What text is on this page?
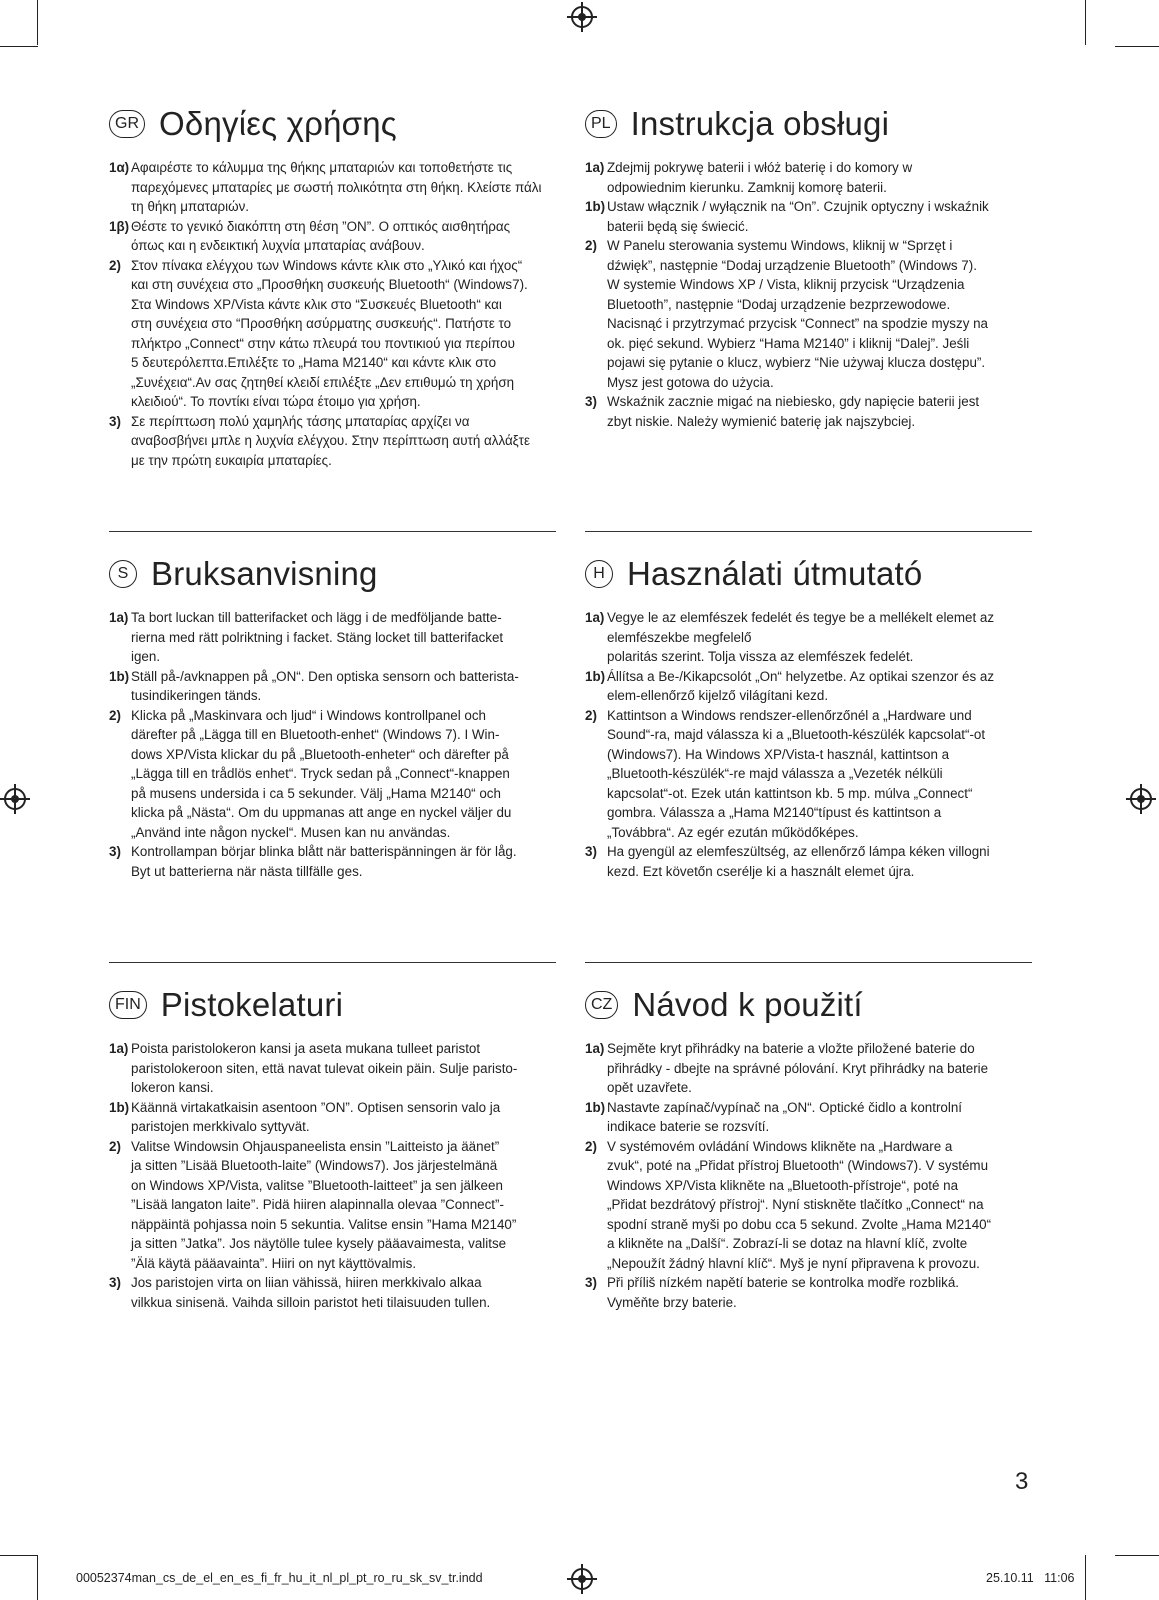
GR Οδηγίες χρήσης
1α) Αφαιρέστε το κάλυμμα της θήκης μπαταριών και τοποθετήστε τις
παρεχόμενες μπαταρίες με σωστή πολικότητα στη θήκη. Κλείστε πάλι
τη θήκη μπαταριών.
1β) Θέστε το γενικό διακόπτη στη θέση ”ON”. Ο οπτικός αισθητήρας
όπως και η ενδεικτική λυχνία μπαταρίας ανάβουν.
2) Στον πίνακα ελέγχου των Windows κάντε κλικ στο „Υλικό και ήχος“
και στη συνέχεια στο „Προσθήκη συσκευής Bluetooth“ (Windows7).
Στα Windows XP/Vista κάντε κλικ στο “Συσκευές Bluetooth“ και
στη συνέχεια στο “Προσθήκη ασύρματης συσκευής“. Πατήστε το
πλήκτρο „Connect“ στην κάτω πλευρά του ποντικιού για περίπου
5 δευτερόλεπτα.Επιλέξτε το „Hama M2140“ και κάντε κλικ στο
„Συνέχεια“.Αν σας ζητηθεί κλειδί επιλέξτε „Δεν επιθυμώ τη χρήση
κλειδιού“. Το ποντίκι είναι τώρα έτοιμο για χρήση.
3) Σε περίπτωση πολύ χαμηλής τάσης μπαταρίας αρχίζει να
αναβοσβήνει μπλε η λυχνία ελέγχου. Στην περίπτωση αυτή αλλάξτε
με την πρώτη ευκαιρία μπαταρίες.
PL Instrukcja obsługi
1a) Zdejmij pokrywę baterii i włóż baterię i do komory w
odpowiednim kierunku. Zamknij komorę baterii.
1b) Ustaw włącznik / wyłącznik na “On”. Czujnik optyczny i wskaźnik
baterii będą się świecić.
2) W Panelu sterowania systemu Windows, kliknij w “Sprzęt i
dźwięk”, następnie “Dodaj urządzenie Bluetooth” (Windows 7).
W systemie Windows XP / Vista, kliknij przycisk “Urządzenia
Bluetooth”, następnie “Dodaj urządzenie bezprzewodowe.
Nacisnąć i przytrzymać przycisk “Connect” na spodzie myszy na
ok. pięć sekund. Wybierz “Hama M2140” i kliknij “Dalej”. Jeśli
pojawi się pytanie o klucz, wybierz “Nie używaj klucza dostępu”.
Mysz jest gotowa do użycia.
3) Wskaźnik zacznie migać na niebiesko, gdy napięcie baterii jest
zbyt niskie. Należy wymienić baterię jak najszybciej.
S Bruksanvisning
1a) Ta bort luckan till batterifacket och lägg i de medföljande batte-
rierna med rätt polriktning i facket. Stäng locket till batterifacket
igen.
1b) Ställ på-/avknappen på „ON“. Den optiska sensorn och batterista-
tusindikeringen tänds.
2) Klicka på „Maskinvara och ljud“ i Windows kontrollpanel och
därefter på „Lägga till en Bluetooth-enhet“ (Windows 7). I Win-
dows XP/Vista klickar du på „Bluetooth-enheter“ och därefter på
„Lägga till en trådlös enhet“. Tryck sedan på „Connect“-knappen
på musens undersida i ca 5 sekunder. Välj „Hama M2140“ och
klicka på „Nästa“. Om du uppmanas att ange en nyckel väljer du
„Använd inte någon nyckel“. Musen kan nu användas.
3) Kontrollampan börjar blinka blått när batterispänningen är för låg.
Byt ut batterierna när nästa tillfälle ges.
H Használati útmutató
1a) Vegye le az elemfészek fedelét és tegye be a mellékelt elemet az
elemfészekbe megfelelő
polaritás szerint. Tolja vissza az elemfészek fedelét.
1b) Állítsa a Be-/Kikapcsolót „On“ helyzetbe. Az optikai szenzor és az
elem-ellenőrző kijelző világítani kezd.
2) Kattintson a Windows rendszer-ellenőrzőnél a „Hardware und
Sound“-ra, majd válassza ki a „Bluetooth-készülék kapcsolat“-ot
(Windows7). Ha Windows XP/Vista-t használ, kattintson a
„Bluetooth-készülék“-re majd válassza a „Vezeték nélküli
kapcsolat“-ot. Ezek után kattintson kb. 5 mp. múlva „Connect“
gombra. Válassza a „Hama M2140“típust és kattintson a
„Továbbra“. Az egér ezután működőképes.
3) Ha gyengül az elemfeszültség, az ellenőrző lámpa kéken villogni
kezd. Ezt követőn cserélje ki a használt elemet újra.
FIN Pistokelaturi
1a) Poista paristolokeron kansi ja aseta mukana tulleet paristot
paristolokeroon siten, että navat tulevat oikein päin. Sulje paristo-
lokeron kansi.
1b) Käännä virtakatkaisin asentoon ”ON”. Optisen sensorin valo ja
paristojen merkkivalo syttyvät.
2) Valitse Windowsin Ohjauspaneelista ensin ”Laitteisto ja äänet”
ja sitten ”Lisää Bluetooth-laite” (Windows7). Jos järjestelmänä
on Windows XP/Vista, valitse ”Bluetooth-laitteet” ja sen jälkeen
”Lisää langaton laite”. Pidä hiiren alapinnalla olevaa ”Connect”-
näppäintä pohjassa noin 5 sekuntia. Valitse ensin ”Hama M2140”
ja sitten ”Jatka”. Jos näytölle tulee kysely pääavaimesta, valitse
”Älä käytä pääavainta”. Hiiri on nyt käyttövalmis.
3) Jos paristojen virta on liian vähissä, hiiren merkkivalo alkaa
vilkkua sinisenä. Vaihda silloin paristot heti tilaisuuden tullen.
CZ Návod k použití
1a) Sejměte kryt přihrádky na baterie a vložte přiložené baterie do
přihrádky - dbejte na správné pólování. Kryt přihrádky na baterie
opět uzavřete.
1b) Nastavte zapínač/vypínač na „ON“. Optické čidlo a kontrolní
indikace baterie se rozsvítí.
2) V systémovém ovládání Windows klikněte na „Hardware a
zvuk“, poté na „Přidat přístroj Bluetooth“ (Windows7). V systému
Windows XP/Vista klikněte na „Bluetooth-přístroje“, poté na
„Přidat bezdrátový přístroj“. Nyní stiskněte tlačítko „Connect“ na
spodní straně myši po dobu cca 5 sekund. Zvolte „Hama M2140“
a klikněte na „Další“. Zobrazí-li se dotaz na hlavní klíč, zvolte
„Nepoužít žádný hlavní klíč“. Myš je nyní připravena k provozu.
3) Při příliš nízkém napětí baterie se kontrolka modře rozbliká.
Vyměňte brzy baterie.
3
00052374man_cs_de_el_en_es_fi_fr_hu_it_nl_pl_pt_ro_ru_sk_sv_tr.indd	25.10.11 11:06
